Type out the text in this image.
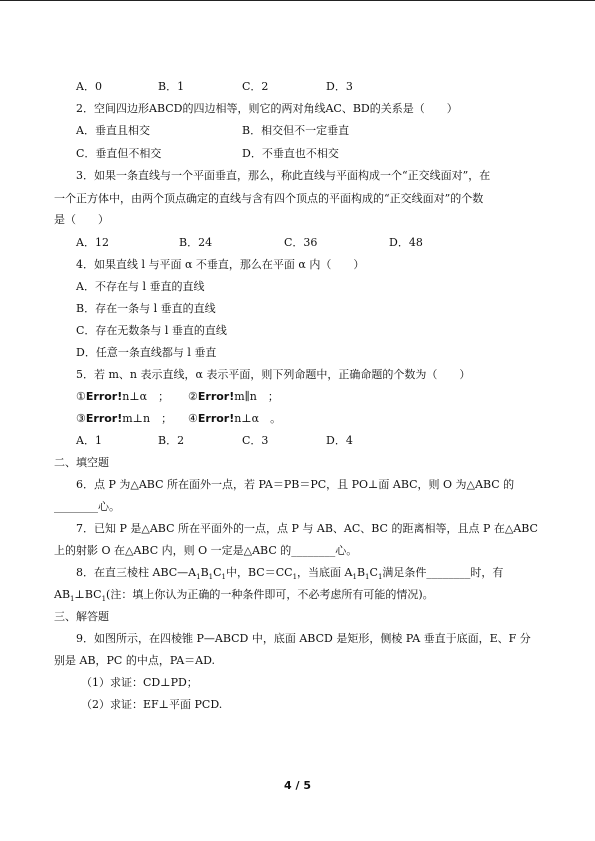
A．0	B．1	C．2	D．3
2．空间四边形ABCD的四边相等，则它的两对角线AC、BD的关系是（　　）
A．垂直且相交	B．相交但不一定垂直
C．垂直但不相交	D．不垂直也不相交
3．如果一条直线与一个平面垂直，那么，称此直线与平面构成一个“正交线面对”，在
一个正方体中，由两个顶点确定的直线与含有四个顶点的平面构成的“正交线面对”的个数
是（　　）
A．12	B．24	C．36	D．48
4．如果直线 l 与平面 α 不垂直，那么在平面 α 内（　　）
A．不存在与 l 垂直的直线
B．存在一条与 l 垂直的直线
C．存在无数条与 l 垂直的直线
D．任意一条直线都与 l 垂直
5．若 m、n 表示直线，α 表示平面，则下列命题中，正确命题的个数为（　　）
①Error!n⊥α　； ②Error!m∥n　；
③Error!m⊥n　； ④Error!n⊥α　。
A．1	B．2	C．3	D．4
二、填空题
6．点 P 为△ABC 所在面外一点，若 PA＝PB＝PC，且 PO⊥面 ABC，则 O 为△ABC 的
________心。
7．已知 P 是△ABC 所在平面外的一点，点 P 与 AB、AC、BC 的距离相等，且点 P 在△ABC
上的射影 O 在△ABC 内，则 O 一定是△ABC 的________心。
8．在直三棱柱 $ABC—A_1B_1C_1$中，$BC=CC_1$，当底面 $A_1B_1C_1$满足条件________时，有
$AB_1\perp BC_1$(注：填上你认为正确的一种条件即可，不必考虑所有可能的情况)。
三、解答题
9．如图所示，在四棱锥 P—ABCD 中，底面 ABCD 是矩形，侧棱 PA 垂直于底面，E、F 分
别是 AB，PC 的中点，PA＝AD.
（1）求证：CD⊥PD；
（2）求证：EF⊥平面 PCD.
4 / 5
